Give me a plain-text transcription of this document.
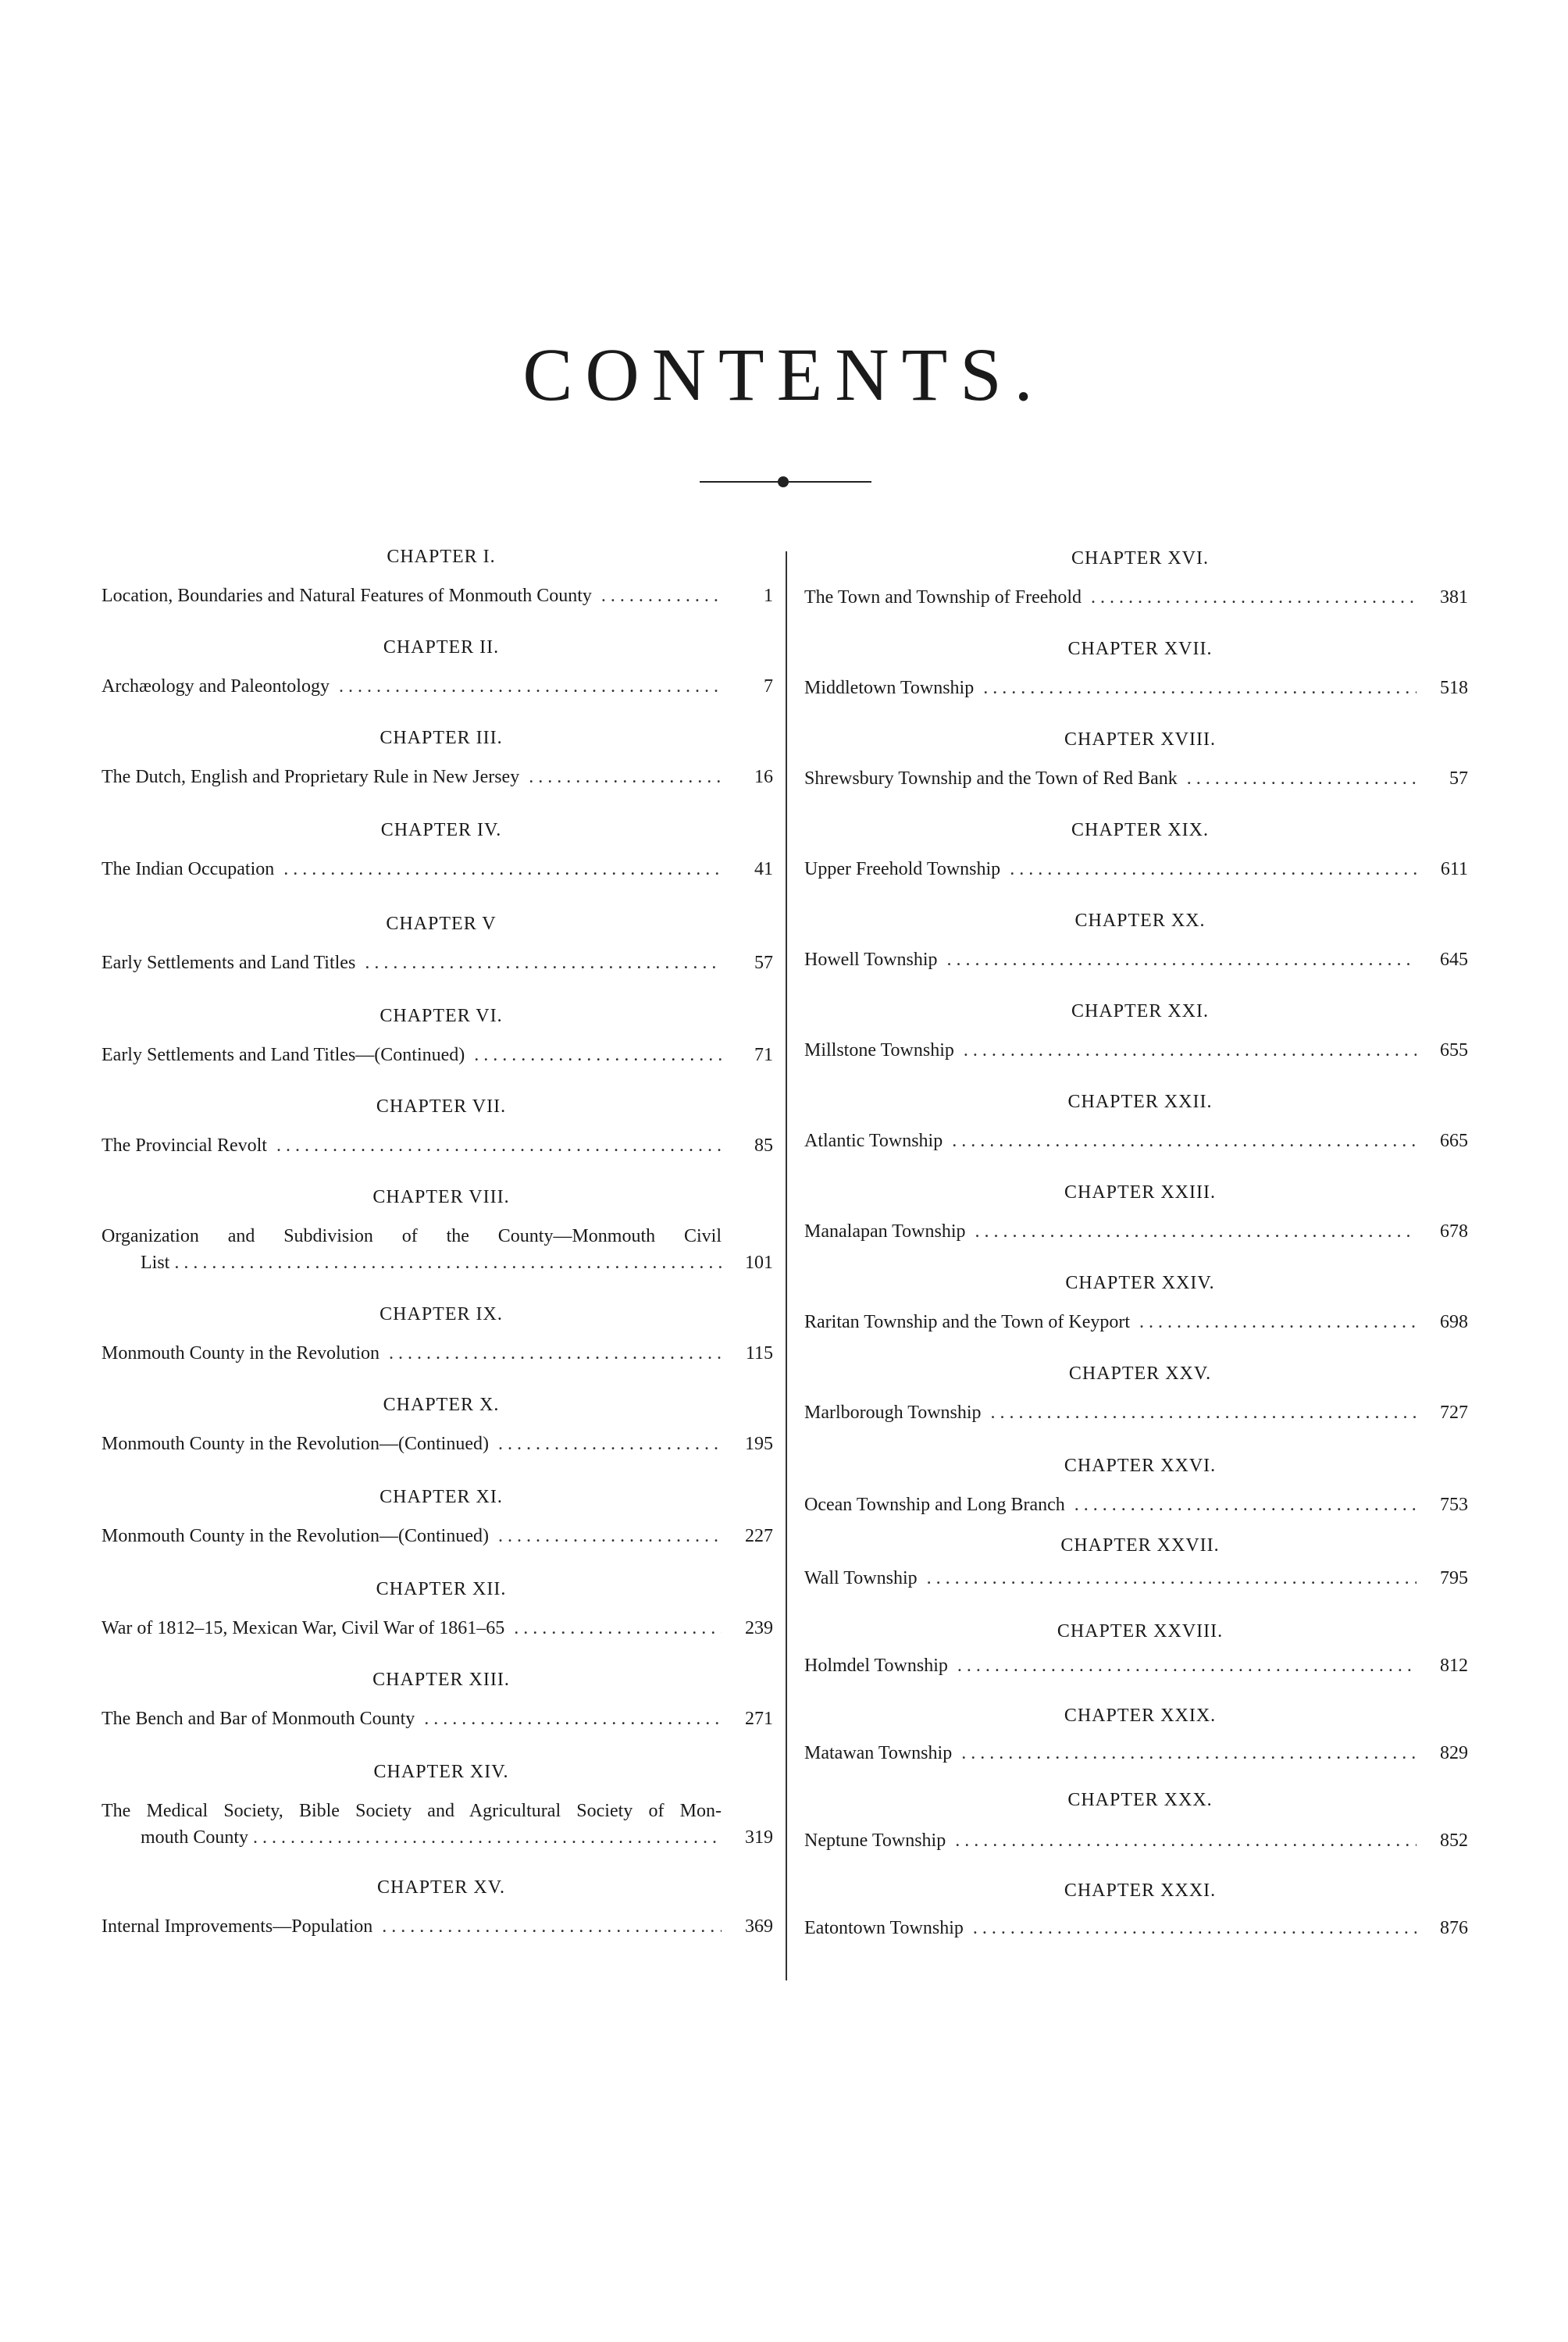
CONTENTS.
CHAPTER I.
Location, Boundaries and Natural Features of Monmouth County . . .	1
CHAPTER II.
Archæology and Paleontology . . .	7
CHAPTER III.
The Dutch, English and Proprietary Rule in New Jersey . . .	16
CHAPTER IV.
The Indian Occupation . . .	41
CHAPTER V
Early Settlements and Land Titles . . .	57
CHAPTER VI.
Early Settlements and Land Titles—(Continued) . . .	71
CHAPTER VII.
The Provincial Revolt . . .	85
CHAPTER VIII.
Organization and Subdivision of the County—Monmouth Civil
List
. . .	101
CHAPTER IX.
Monmouth County in the Revolution . . .	115
CHAPTER X.
Monmouth County in the Revolution—(Continued) . . .	195
CHAPTER XI.
Monmouth County in the Revolution—(Continued) . . .	227
CHAPTER XII.
War of 1812–15, Mexican War, Civil War of 1861–65 . . .	239
CHAPTER XIII.
The Bench and Bar of Monmouth County . . .	271
CHAPTER XIV.
The Medical Society, Bible Society and Agricultural Society of Mon-
mouth County
. . .	319
CHAPTER XV.
Internal Improvements—Population . . .	369
CHAPTER XVI.
The Town and Township of Freehold . . .	381
CHAPTER XVII.
Middletown Township . . .	518
CHAPTER XVIII.
Shrewsbury Township and the Town of Red Bank . . .	57
CHAPTER XIX.
Upper Freehold Township . . .	611
CHAPTER XX.
Howell Township . . .	645
CHAPTER XXI.
Millstone Township . . .	655
CHAPTER XXII.
Atlantic Township . . .	665
CHAPTER XXIII.
Manalapan Township . . .	678
CHAPTER XXIV.
Raritan Township and the Town of Keyport . . .	698
CHAPTER XXV.
Marlborough Township . . .	727
CHAPTER XXVI.
Ocean Township and Long Branch . . .	753
CHAPTER XXVII.
Wall Township . . .	795
CHAPTER XXVIII.
Holmdel Township . . .	812
CHAPTER XXIX.
Matawan Township . . .	829
CHAPTER XXX.
Neptune Township . . .	852
CHAPTER XXXI.
Eatontown Township . . .	876
